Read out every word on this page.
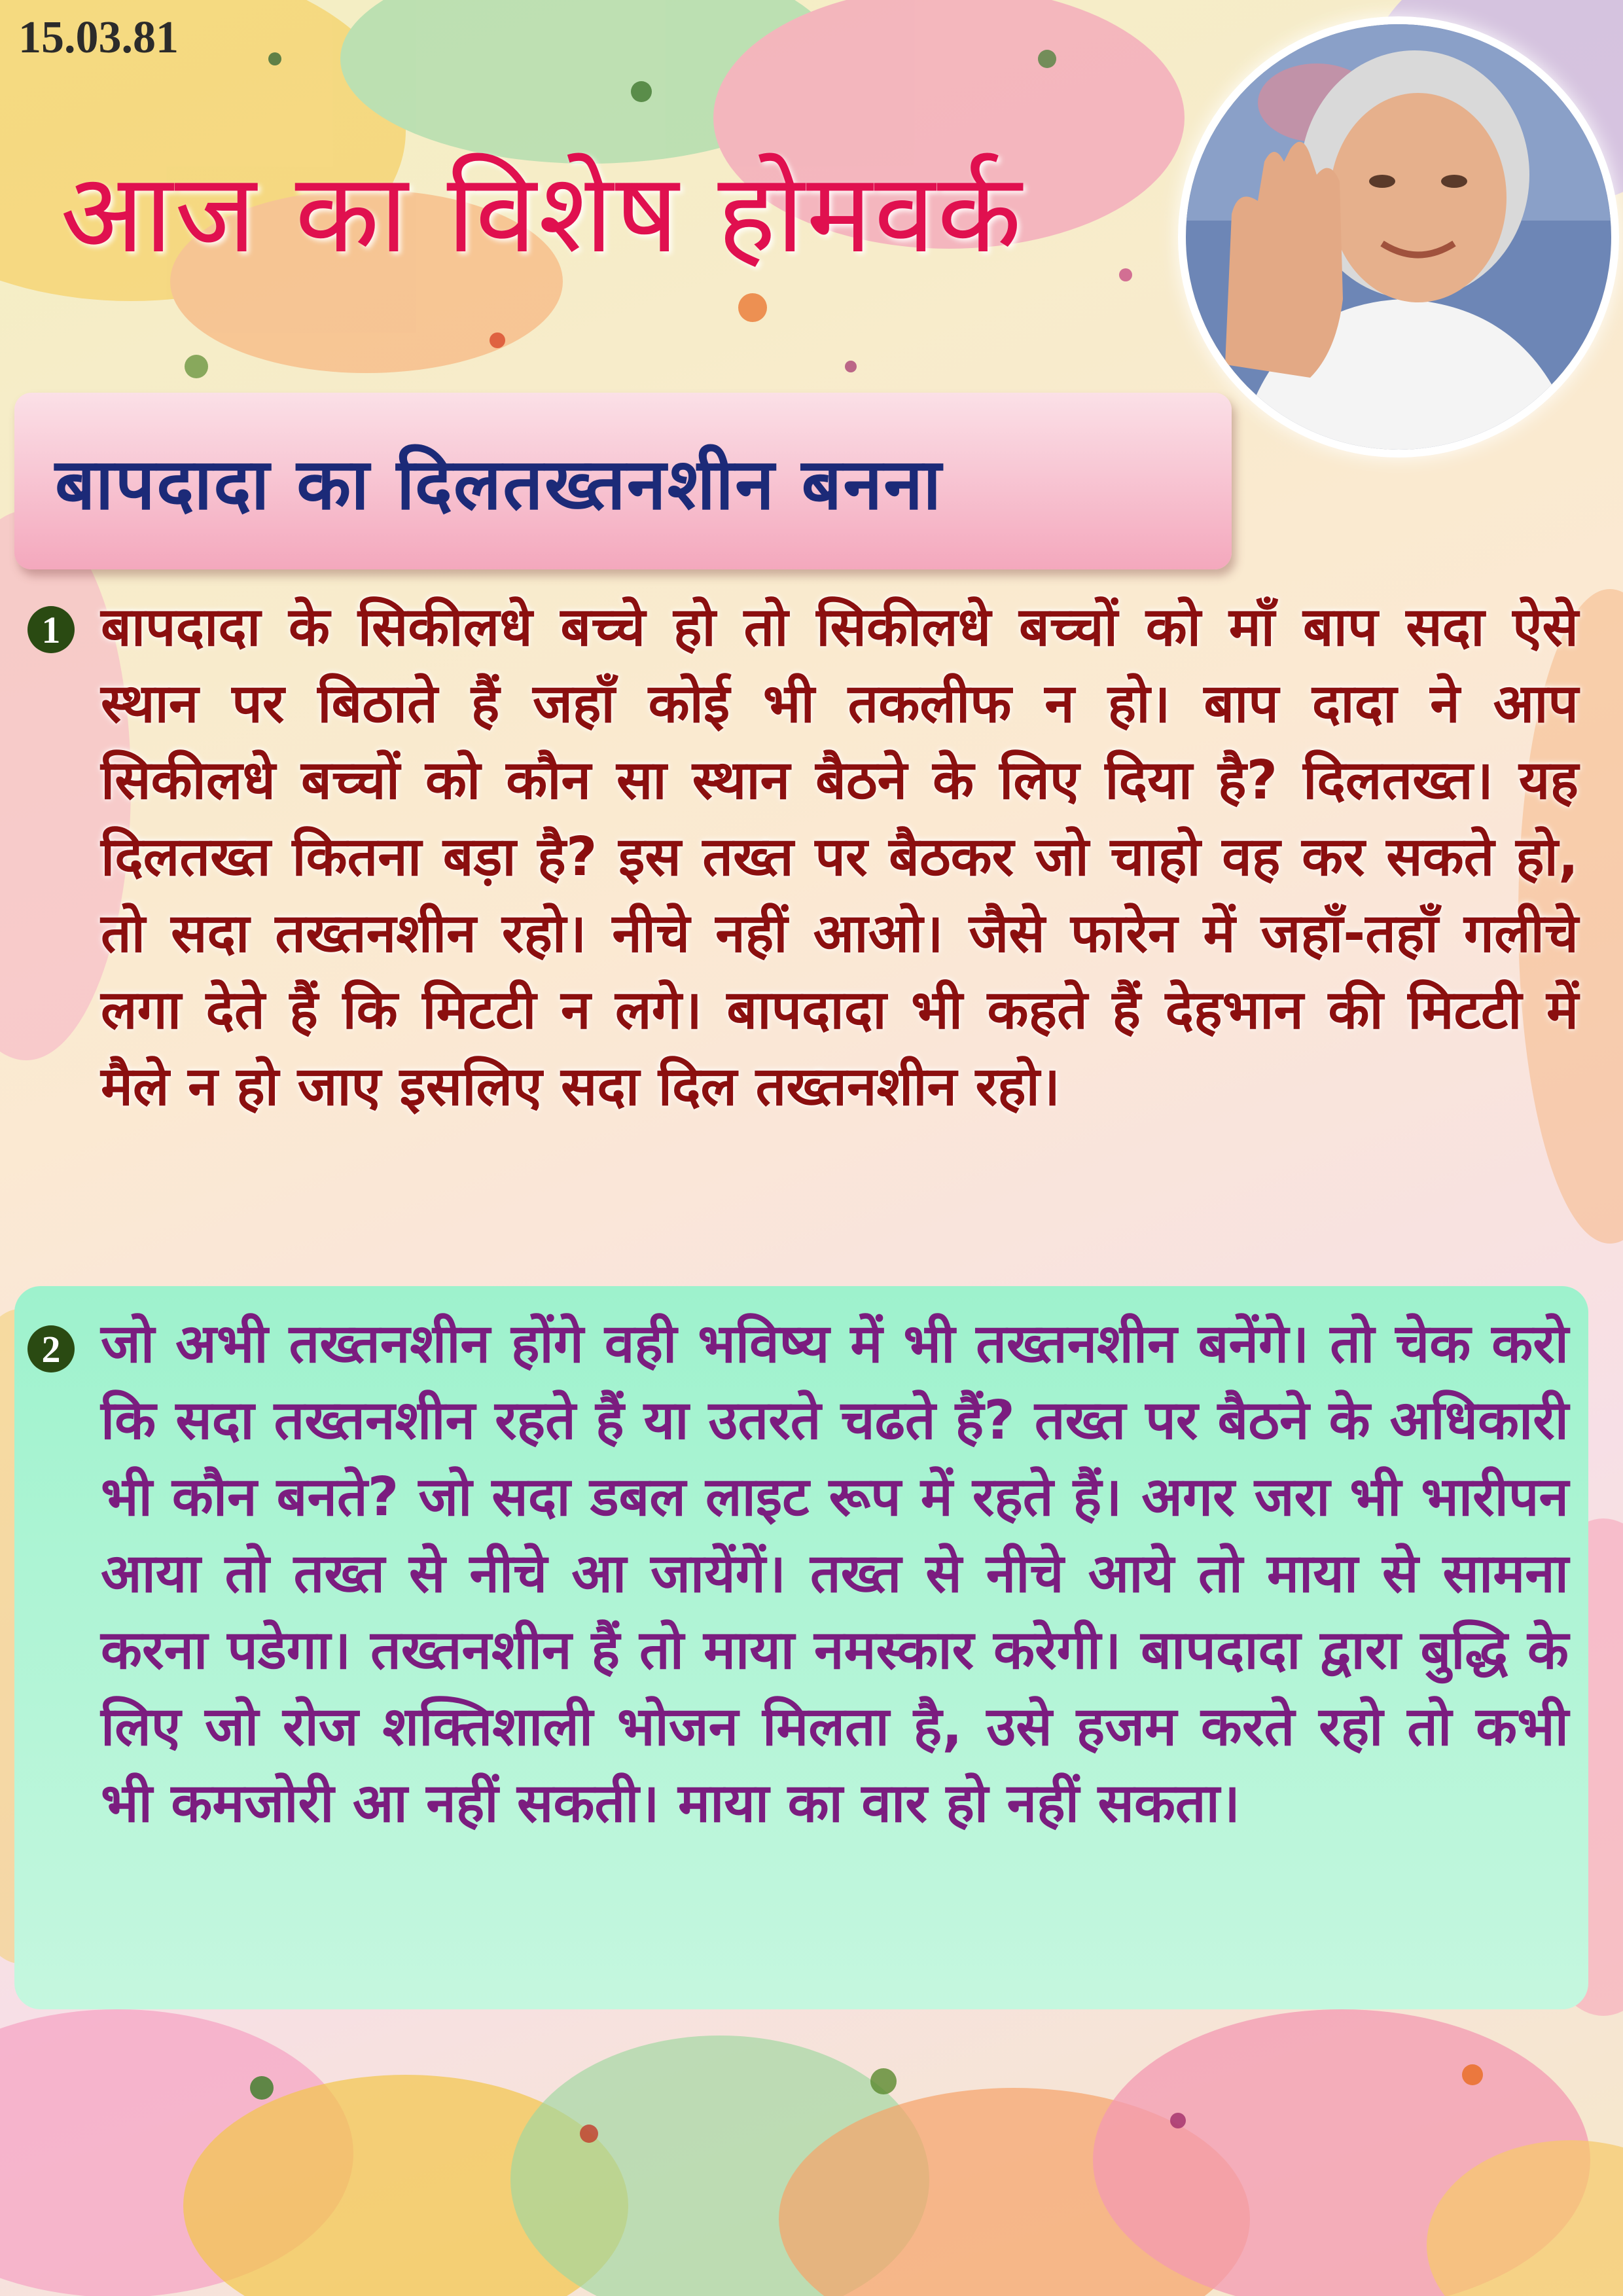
15.03.81
आज का विशेष होमवर्क
बापदादा का दिलतख्तनशीन बनना
1 बापदादा के सिकीलधे बच्चे हो तो सिकीलधे बच्चों को माँ बाप सदा ऐसे स्थान पर बिठाते हैं जहाँ कोई भी तकलीफ न हो। बाप दादा ने आप सिकीलधे बच्चों को कौन सा स्थान बैठने के लिए दिया है? दिलतख्त। यह दिलतख्त कितना बड़ा है? इस तख्त पर बैठकर जो चाहो वह कर सकते हो, तो सदा तख्तनशीन रहो। नीचे नहीं आओ। जैसे फारेन में जहाँ-तहाँ गलीचे लगा देते हैं कि मिटटी न लगे। बापदादा भी कहते हैं देहभान की मिटटी में मैले न हो जाए इसलिए सदा दिल तख्तनशीन रहो।
2 जो अभी तख्तनशीन होंगे वही भविष्य में भी तख्तनशीन बनेंगे। तो चेक करो कि सदा तख्तनशीन रहते हैं या उतरते चढते हैं? तख्त पर बैठने के अधिकारी भी कौन बनते? जो सदा डबल लाइट रूप में रहते हैं। अगर जरा भी भारीपन आया तो तख्त से नीचे आ जायेंगें। तख्त से नीचे आये तो माया से सामना करना पडेगा। तख्तनशीन हैं तो माया नमस्कार करेगी। बापदादा द्वारा बुद्धि के लिए जो रोज शक्तिशाली भोजन मिलता है, उसे हजम करते रहो तो कभी भी कमजोरी आ नहीं सकती। माया का वार हो नहीं सकता।
